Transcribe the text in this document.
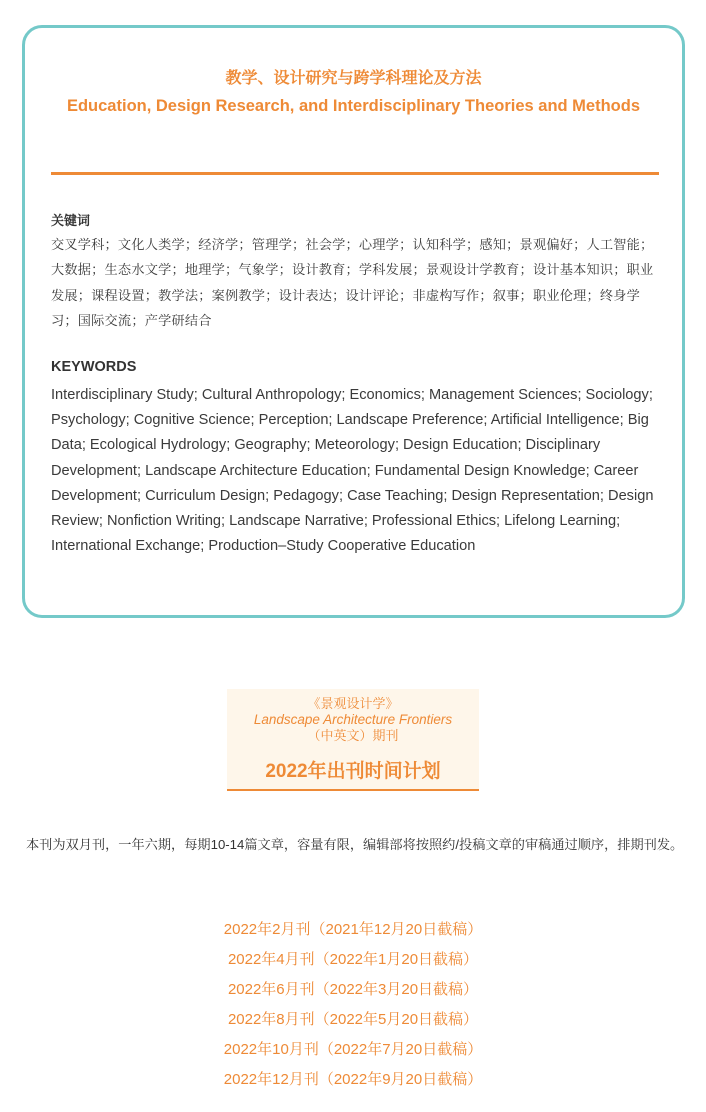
教学、设计研究与跨学科理论及方法
Education, Design Research, and Interdisciplinary Theories and Methods
关键词
交叉学科；文化人类学；经济学；管理学；社会学；心理学；认知科学；感知；景观偏好；人工智能；大数据；生态水文学；地理学；气象学；设计教育；学科发展；景观设计学教育；设计基本知识；职业发展；课程设置；教学法；案例教学；设计表达；设计评论；非虚构写作；叙事；职业伦理；终身学习；国际交流；产学研结合
KEYWORDS
Interdisciplinary Study; Cultural Anthropology; Economics; Management Sciences; Sociology; Psychology; Cognitive Science; Perception; Landscape Preference; Artificial Intelligence; Big Data; Ecological Hydrology; Geography; Meteorology; Design Education; Disciplinary Development; Landscape Architecture Education; Fundamental Design Knowledge; Career Development; Curriculum Design; Pedagogy; Case Teaching; Design Representation; Design Review; Nonfiction Writing; Landscape Narrative; Professional Ethics; Lifelong Learning; International Exchange; Production–Study Cooperative Education
《景观设计学》
Landscape Architecture Frontiers
（中英文）期刊
2022年出刊时间计划
本刊为双月刊，一年六期，每期10-14篇文章，容量有限，编辑部将按照约/投稿文章的审稿通过顺序，排期刊发。
2022年2月刊（2021年12月20日截稿）
2022年4月刊（2022年1月20日截稿）
2022年6月刊（2022年3月20日截稿）
2022年8月刊（2022年5月20日截稿）
2022年10月刊（2022年7月20日截稿）
2022年12月刊（2022年9月20日截稿）
